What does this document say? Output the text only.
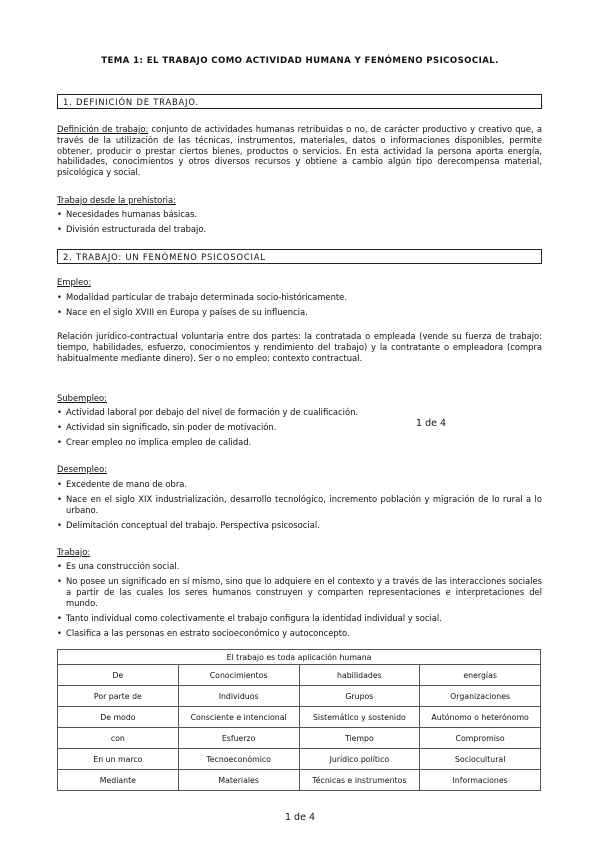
TEMA 1: EL TRABAJO COMO ACTIVIDAD HUMANA Y FENÓMENO PSICOSOCIAL.
1. DEFINICIÓN DE TRABAJO.
Definición de trabajo: conjunto de actividades humanas retribuidas o no, de carácter productivo y creativo que, a través de la utilización de las técnicas, instrumentos, materiales, datos o informaciones disponibles, permite obtener, producir o prestar ciertos bienes, productos o servicios. En esta actividad la persona aporta energía, habilidades, conocimientos y otros diversos recursos y obtiene a cambio algún tipo derecompensa material, psicológica y social.
Trabajo desde la prehistoria:
• Necesidades humanas básicas.
• División estructurada del trabajo.
2. TRABAJO: UN FENÓMENO PSICOSOCIAL
Empleo:
• Modalidad particular de trabajo determinada socio-históricamente.
• Nace en el siglo XVIII en Europa y países de su influencia.
Relación jurídico-contractual voluntaria entre dos partes: la contratada o empleada (vende su fuerza de trabajo: tiempo, habilidades, esfuerzo, conocimientos y rendimiento del trabajo) y la contratante o empleadora (compra habitualmente mediante dinero). Ser o no empleo: contexto contractual.
Subempleo:
• Actividad laboral por debajo del nivel de formación y de cualificación.
• Actividad sin significado, sin poder de motivación.
• Crear empleo no implica empleo de calidad.
1 de 4
Desempleo:
• Excedente de mano de obra.
• Nace en el siglo XIX industrialización, desarrollo tecnológico, incremento población y migración de lo rural a lo urbano.
• Delimitación conceptual del trabajo. Perspectiva psicosocial.
Trabajo:
• Es una construcción social.
• No posee un significado en sí mismo, sino que lo adquiere en el contexto y a través de las interacciones sociales a partir de las cuales los seres humanos construyen y comparten representaciones e interpretaciones del mundo.
• Tanto individual como colectivamente el trabajo configura la identidad individual y social.
• Clasifica a las personas en estrato socioeconómico y autoconcepto.
El trabajo es toda aplicación humana			
De	Conocimientos	habilidades	energías
Por parte de	Individuos	Grupos	Organizaciones
De modo	Consciente e intencional	Sistemático y sostenido	Autónomo o heterónomo
con	Esfuerzo	Tiempo	Compromiso
En un marco	Tecnoeconómico	Jurídico político	Sociocultural
Mediante	Materiales	Técnicas e instrumentos	Informaciones
1 de 4
